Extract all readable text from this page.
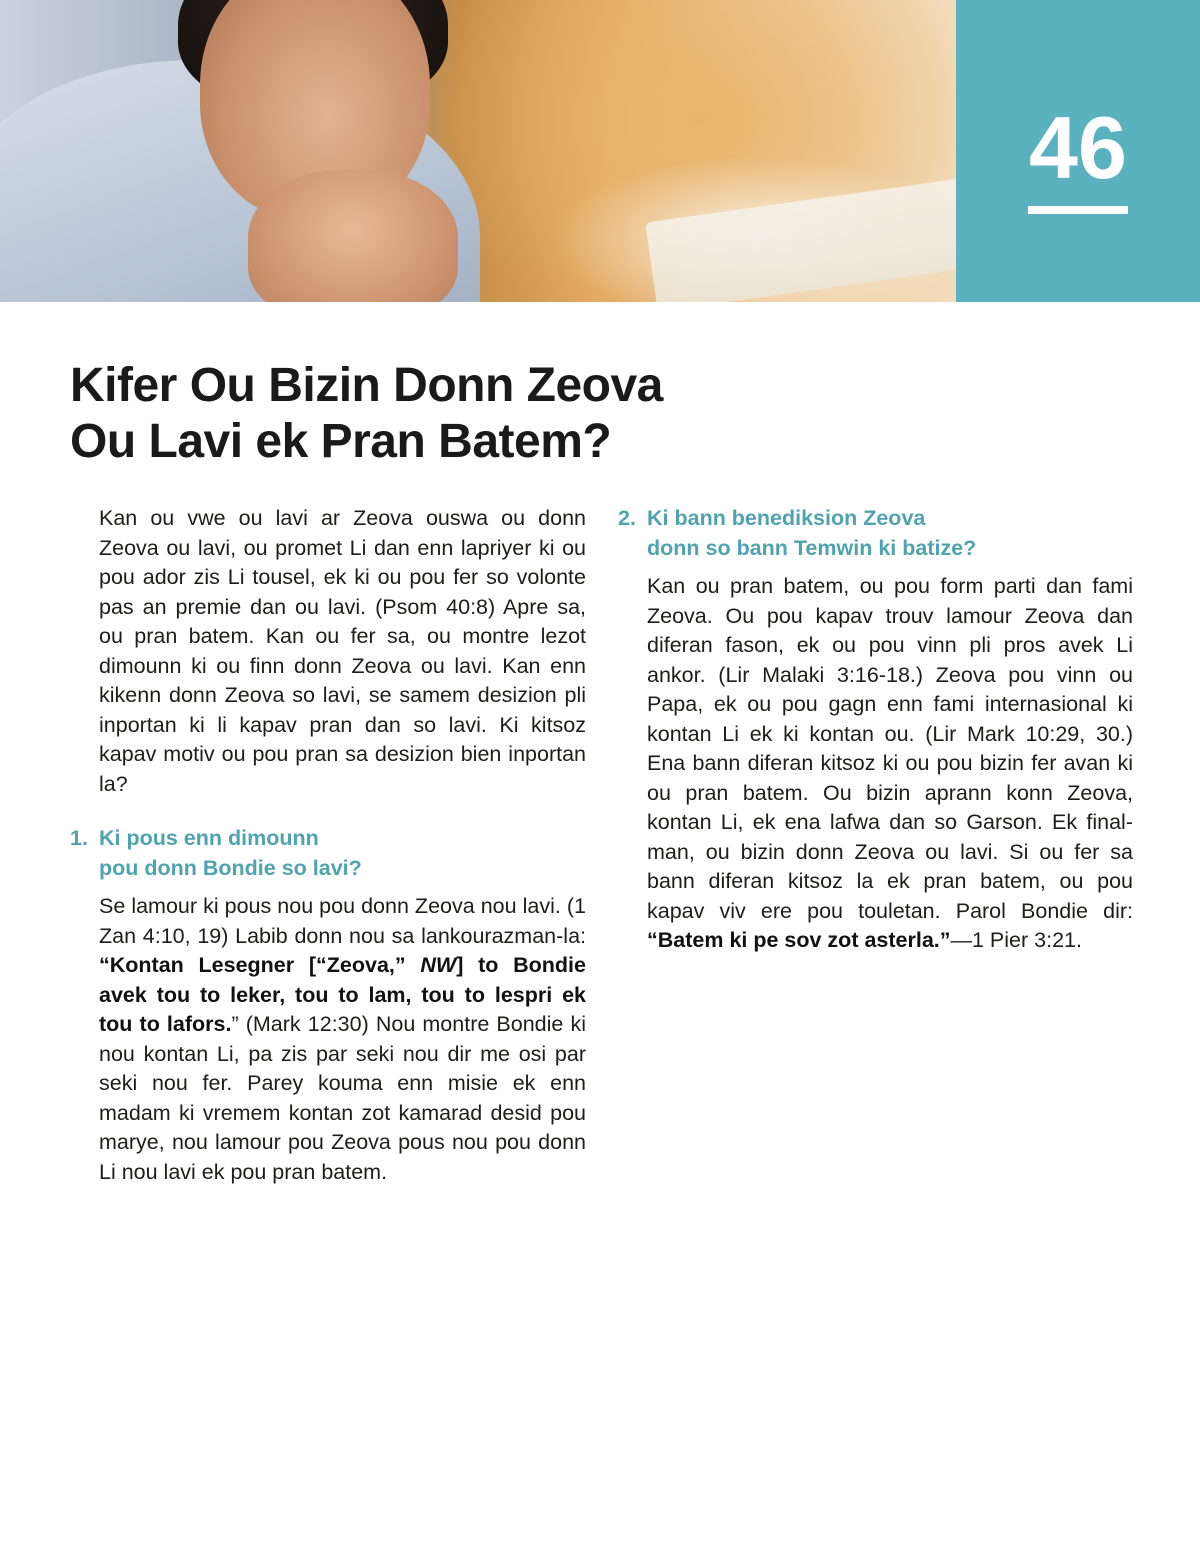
46
Kifer Ou Bizin Donn Zeova
Ou Lavi ek Pran Batem?

Kan ou vwe ou lavi ar Zeova ouswa ou donn Zeova ou lavi, ou promet Li dan enn lapriyer ki ou pou ador zis Li tousel, ek ki ou pou fer so volonte pas an premie dan ou lavi. (Psom 40:8) Apre sa, ou pran batem. Kan ou fer sa, ou montre lezot dimounn ki ou finn donn Zeova ou lavi. Kan enn kikenn donn Zeova so lavi, se samem desizion pli inportan ki li kapav pran dan so lavi. Ki kitsoz kapav motiv ou pou pran sa desizion bien inportan la?

1. Ki pous enn dimounn
pou donn Bondie so lavi?

Se lamour ki pous nou pou donn Zeova nou lavi. (1 Zan 4:10, 19) Labib donn nou sa lankourazman-la: “Kontan Lesegner [“Zeova,” NW] to Bondie avek tou to leker, tou to lam, tou to lespri ek tou to lafors.” (Mark 12:30) Nou montre Bondie ki nou kontan Li, pa zis par seki nou dir me osi par seki nou fer. Parey kouma enn misie ek enn madam ki vremem kontan zot kamarad desid pou marye, nou lamour pou Zeova pous nou pou donn Li nou lavi ek pou pran batem.

2. Ki bann benediksion Zeova
donn so bann Temwin ki batize?

Kan ou pran batem, ou pou form parti dan fami Zeova. Ou pou kapav trouv lamour Zeova dan diferan fason, ek ou pou vinn pli pros avek Li ankor. (Lir Malaki 3:16-18.) Zeova pou vinn ou Papa, ek ou pou gagn enn fami internasional ki kontan Li ek ki kontan ou. (Lir Mark 10:29, 30.) Ena bann diferan kitsoz ki ou pou bizin fer avan ki ou pran batem. Ou bizin aprann konn Zeova, kontan Li, ek ena lafwa dan so Garson. Ek finalman, ou bizin donn Zeova ou lavi. Si ou fer sa bann diferan kitsoz la ek pran batem, ou pou kapav viv ere pou touletan. Parol Bondie dir: “Batem ki pe sov zot asterla.”—1 Pier 3:21.
